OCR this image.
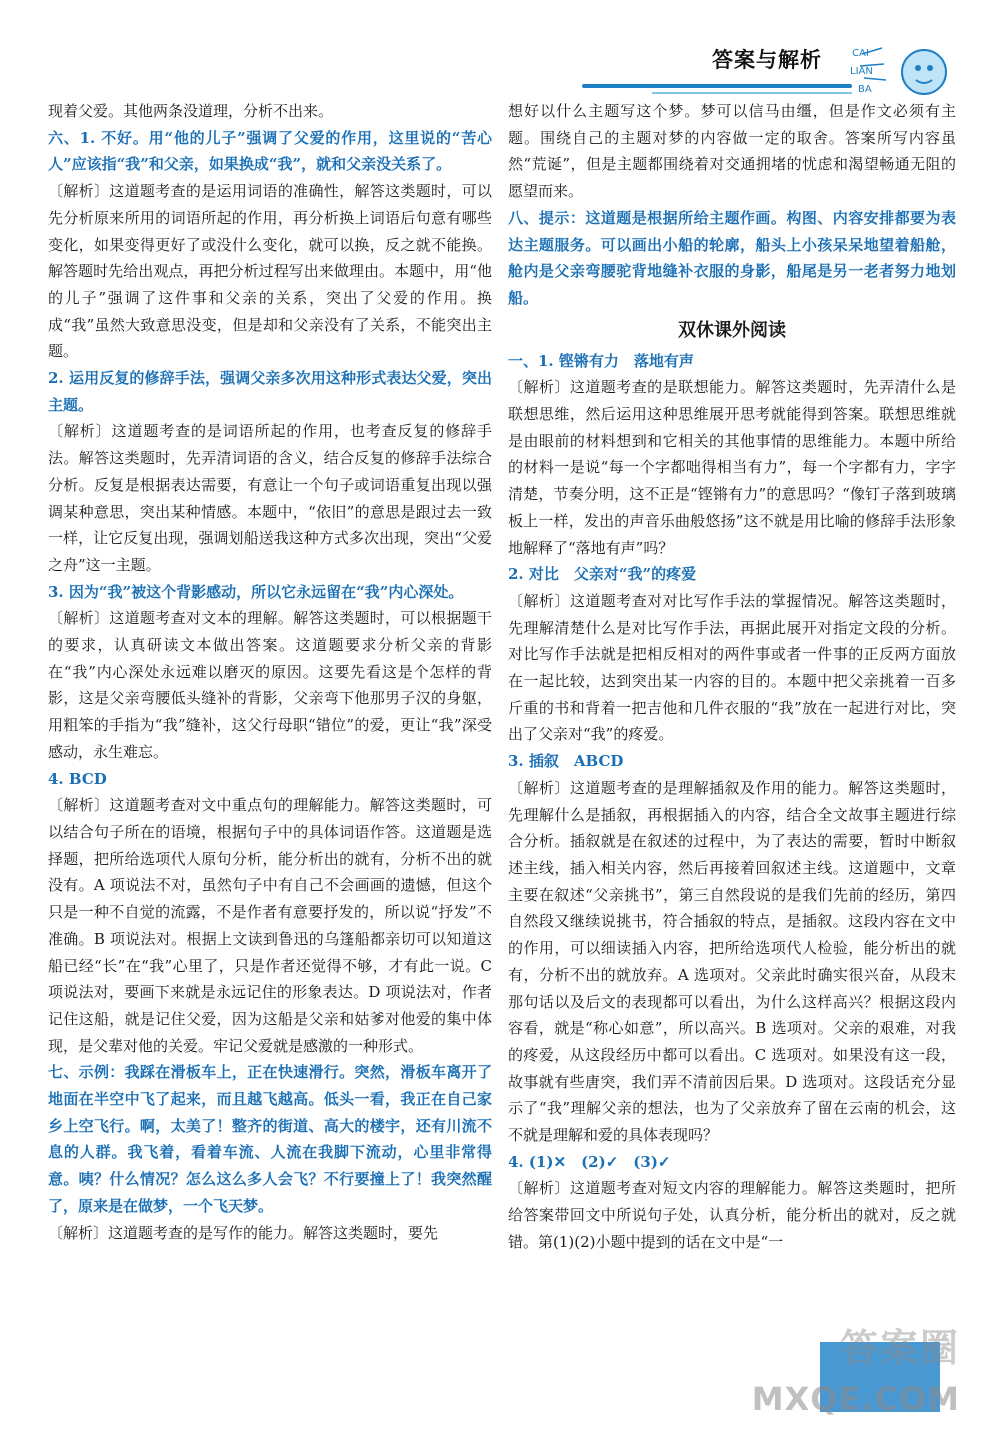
答案与解析	CAI
LIAN
BA

现着父爱。其他两条没道理，分析不出来。

六、1. 不好。用“他的儿子”强调了父爱的作用，这里说的“苦心人”应该指“我”和父亲，如果换成“我”，就和父亲没关系了。

〔解析〕这道题考查的是运用词语的准确性，解答这类题时，可以先分析原来所用的词语所起的作用，再分析换上词语后句意有哪些变化，如果变得更好了或没什么变化，就可以换，反之就不能换。解答题时先给出观点，再把分析过程写出来做理由。本题中，用“他的儿子”强调了这件事和父亲的关系，突出了父爱的作用。换成“我”虽然大致意思没变，但是却和父亲没有了关系，不能突出主题。

2. 运用反复的修辞手法，强调父亲多次用这种形式表达父爱，突出主题。

〔解析〕这道题考查的是词语所起的作用，也考查反复的修辞手法。解答这类题时，先弄清词语的含义，结合反复的修辞手法综合分析。反复是根据表达需要，有意让一个句子或词语重复出现以强调某种意思，突出某种情感。本题中，“依旧”的意思是跟过去一致一样，让它反复出现，强调划船送我这种方式多次出现，突出“父爱之舟”这一主题。

3. 因为“我”被这个背影感动，所以它永远留在“我”内心深处。

〔解析〕这道题考查对文本的理解。解答这类题时，可以根据题干的要求，认真研读文本做出答案。这道题要求分析父亲的背影在“我”内心深处永远难以磨灭的原因。这要先看这是个怎样的背影，这是父亲弯腰低头缝补的背影，父亲弯下他那男子汉的身躯，用粗笨的手指为“我”缝补，这父行母职“错位”的爱，更让“我”深受感动，永生难忘。

4. BCD

〔解析〕这道题考查对文中重点句的理解能力。解答这类题时，可以结合句子所在的语境，根据句子中的具体词语作答。这道题是选择题，把所给选项代人原句分析，能分析出的就有，分析不出的就没有。A 项说法不对，虽然句子中有自己不会画画的遗憾，但这个只是一种不自觉的流露，不是作者有意要抒发的，所以说“抒发”不准确。B 项说法对。根据上文读到鲁迅的乌篷船都亲切可以知道这船已经“长”在“我”心里了，只是作者还觉得不够，才有此一说。C 项说法对，要画下来就是永远记住的形象表达。D 项说法对，作者记住这船，就是记住父爱，因为这船是父亲和姑爹对他爱的集中体现，是父辈对他的关爱。牢记父爱就是感激的一种形式。

七、示例：我踩在滑板车上，正在快速滑行。突然，滑板车离开了地面在半空中飞了起来，而且越飞越高。低头一看，我正在自己家乡上空飞行。啊，太美了！整齐的街道、高大的楼宇，还有川流不息的人群。我飞着，看着车流、人流在我脚下流动，心里非常得意。咦？什么情况？怎么这么多人会飞？不行要撞上了！我突然醒了，原来是在做梦，一个飞天梦。

〔解析〕这道题考查的是写作的能力。解答这类题时，要先

想好以什么主题写这个梦。梦可以信马由缰，但是作文必须有主题。围绕自己的主题对梦的内容做一定的取舍。答案所写内容虽然“荒诞”，但是主题都围绕着对交通拥堵的忧虑和渴望畅通无阻的愿望而来。

八、提示：这道题是根据所给主题作画。构图、内容安排都要为表达主题服务。可以画出小船的轮廓，船头上小孩呆呆地望着船舱，舱内是父亲弯腰驼背地缝补衣服的身影，船尾是另一老者努力地划船。

双休课外阅读

一、1. 铿锵有力　落地有声

〔解析〕这道题考查的是联想能力。解答这类题时，先弄清什么是联想思维，然后运用这种思维展开思考就能得到答案。联想思维就是由眼前的材料想到和它相关的其他事情的思维能力。本题中所给的材料一是说“每一个字都咄得相当有力”，每一个字都有力，字字清楚，节奏分明，这不正是“铿锵有力”的意思吗？“像钉子落到玻璃板上一样，发出的声音乐曲般悠扬”这不就是用比喻的修辞手法形象地解释了“落地有声”吗？

2. 对比　父亲对“我”的疼爱

〔解析〕这道题考查对对比写作手法的掌握情况。解答这类题时，先理解清楚什么是对比写作手法，再据此展开对指定文段的分析。对比写作手法就是把相反相对的两件事或者一件事的正反两方面放在一起比较，达到突出某一内容的目的。本题中把父亲挑着一百多斤重的书和背着一把吉他和几件衣服的“我”放在一起进行对比，突出了父亲对“我”的疼爱。

3. 插叙　ABCD

〔解析〕这道题考查的是理解插叙及作用的能力。解答这类题时，先理解什么是插叙，再根据插入的内容，结合全文故事主题进行综合分析。插叙就是在叙述的过程中，为了表达的需要，暂时中断叙述主线，插入相关内容，然后再接着回叙述主线。这道题中，文章主要在叙述“父亲挑书”，第三自然段说的是我们先前的经历，第四自然段又继续说挑书，符合插叙的特点，是插叙。这段内容在文中的作用，可以细读插入内容，把所给选项代人检验，能分析出的就有，分析不出的就放弃。A 选项对。父亲此时确实很兴奋，从段末那句话以及后文的表现都可以看出，为什么这样高兴？根据这段内容看，就是“称心如意”，所以高兴。B 选项对。父亲的艰难，对我的疼爱，从这段经历中都可以看出。C 选项对。如果没有这一段，故事就有些唐突，我们弄不清前因后果。D 选项对。这段话充分显示了“我”理解父亲的想法，也为了父亲放弃了留在云南的机会，这不就是理解和爱的具体表现吗？

4. (1)✕　(2)✓　(3)✓

〔解析〕这道题考查对短文内容的理解能力。解答这类题时，把所给答案带回文中所说句子处，认真分析，能分析出的就对，反之就错。第(1)(2)小题中提到的话在文中是“一

答案圈
MXQE.COM
